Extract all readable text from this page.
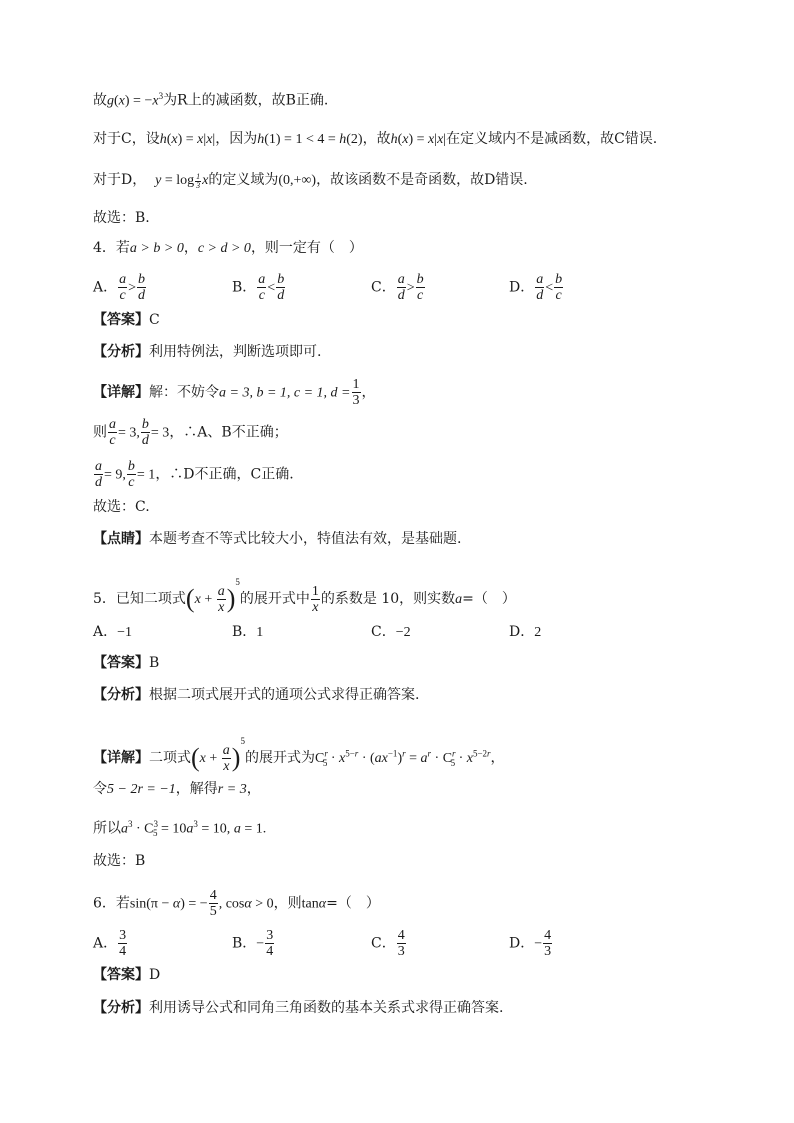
故$g(x) = -x^3$为R上的减函数，故B正确.
对于C，设h(x) = x|x|，因为h(1) = 1 < 4 = h(2)，故h(x) = x|x|在定义域内不是减函数，故C错误.
对于D， $y = \log \frac{1}{3}$ x的定义域为(0,+∞)，故该函数不是奇函数，故D错误.
故选：B.
4．若a > b > 0，c > d > 0，则一定有（　）
A． $\frac{a}{c} > \frac{b}{d}$	B． $\frac{a}{c} < \frac{b}{d}$	C． $\frac{a}{d} > \frac{b}{c}$	D． $\frac{a}{d} < \frac{b}{c}$
【答案】C
【分析】利用特例法，判断选项即可.
【详解】解：不妨令a = 3, b = 1, c = 1, $d = \frac{1}{3}$ ，
则 $\frac{a}{c} = 3$, $\frac{b}{d} = 3$，∴A、B不正确；
$\frac{a}{d} = 9$, $\frac{b}{c} = 1$，∴D不正确，C正确.
故选：C.
【点睛】本题考查不等式比较大小，特值法有效，是基础题.
5．已知二项式$(x + \frac{a}{x} )^5$的展开式中 $\frac{1}{x}$ 的系数是 10，则实数a=（　）
A．−1	B．1	C．−2	D．2
【答案】B
【分析】根据二项式展开式的通项公式求得正确答案.
【详解】二项式$(x + \frac{a}{x} )^5$的展开式为$C^r_5 \cdot x^{5-r} \cdot (ax^{-1})^r = a^r \cdot C^r_5 \cdot x^{5-2r}$，
令5 − 2r = −1，解得r = 3，
所以$a^3 \cdot C^3_5 = 10a^3 = 10$, a = 1.
故选：B
6．若sin(π − α) = − $\frac{4}{5}$ , cosα > 0，则tanα=（　）
A． $\frac{3}{4}$	B．− $\frac{3}{4}$	C． $\frac{4}{3}$	D．− $\frac{4}{3}$
【答案】D
【分析】利用诱导公式和同角三角函数的基本关系式求得正确答案.
